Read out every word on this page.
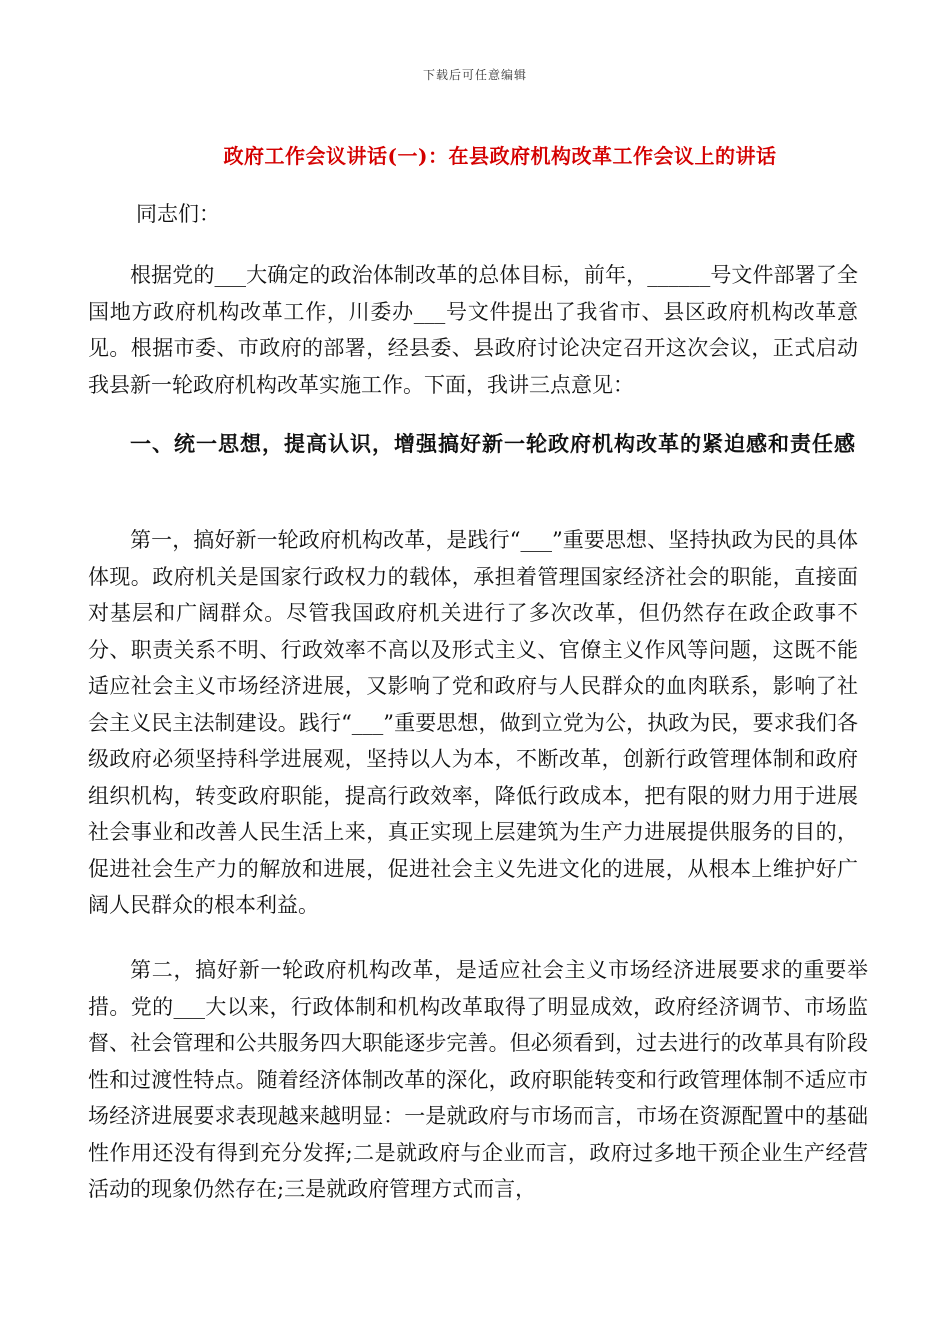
下载后可任意编辑
政府工作会议讲话(一)：在县政府机构改革工作会议上的讲话
同志们：
根据党的___大确定的政治体制改革的总体目标，前年，______号文件部署了全国地方政府机构改革工作，川委办___号文件提出了我省市、县区政府机构改革意见。根据市委、市政府的部署，经县委、县政府讨论决定召开这次会议，正式启动我县新一轮政府机构改革实施工作。下面，我讲三点意见：
一、统一思想，提高认识，增强搞好新一轮政府机构改革的紧迫感和责任感
第一，搞好新一轮政府机构改革，是践行“___”重要思想、坚持执政为民的具体体现。政府机关是国家行政权力的载体，承担着管理国家经济社会的职能，直接面对基层和广阔群众。尽管我国政府机关进行了多次改革，但仍然存在政企政事不分、职责关系不明、行政效率不高以及形式主义、官僚主义作风等问题，这既不能适应社会主义市场经济进展，又影响了党和政府与人民群众的血肉联系，影响了社会主义民主法制建设。践行“___”重要思想，做到立党为公，执政为民，要求我们各级政府必须坚持科学进展观，坚持以人为本，不断改革，创新行政管理体制和政府组织机构，转变政府职能，提高行政效率，降低行政成本，把有限的财力用于进展社会事业和改善人民生活上来，真正实现上层建筑为生产力进展提供服务的目的，促进社会生产力的解放和进展，促进社会主义先进文化的进展，从根本上维护好广阔人民群众的根本利益。
第二，搞好新一轮政府机构改革，是适应社会主义市场经济进展要求的重要举措。党的___大以来，行政体制和机构改革取得了明显成效，政府经济调节、市场监督、社会管理和公共服务四大职能逐步完善。但必须看到，过去进行的改革具有阶段性和过渡性特点。随着经济体制改革的深化，政府职能转变和行政管理体制不适应市场经济进展要求表现越来越明显：一是就政府与市场而言，市场在资源配置中的基础性作用还没有得到充分发挥;二是就政府与企业而言，政府过多地干预企业生产经营活动的现象仍然存在;三是就政府管理方式而言，
